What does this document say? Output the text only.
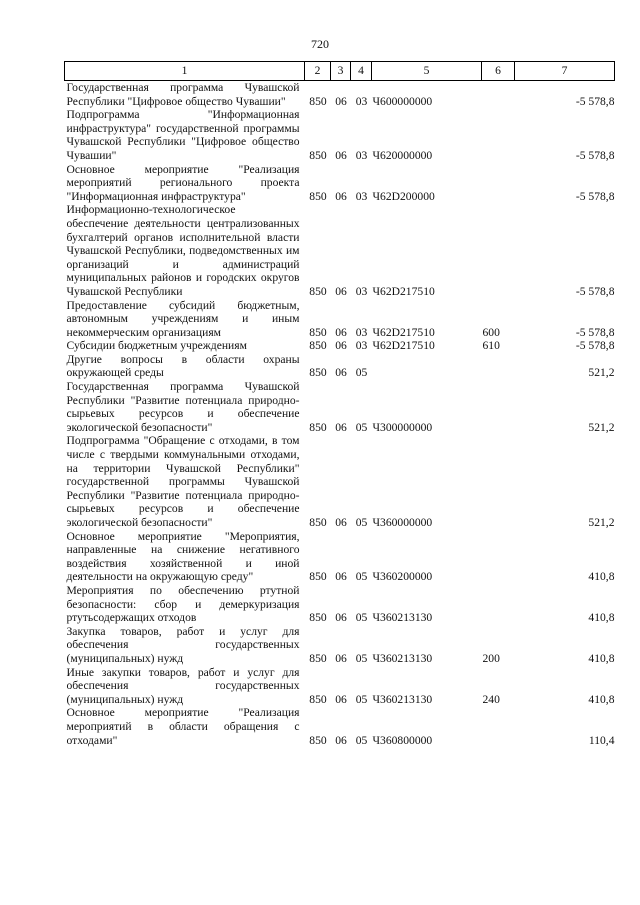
720
1	2	3	4	5	6	7
Государственная программа Чувашской Республики "Цифровое общество Чувашии"	850	06	03	Ч600000000		-5 578,8
Подпрограмма "Информационная инфраструктура" государственной программы Чувашской Республики "Цифровое общество Чувашии"	850	06	03	Ч620000000		-5 578,8
Основное мероприятие "Реализация мероприятий регионального проекта "Информационная инфраструктура"	850	06	03	Ч62D200000		-5 578,8
Информационно-технологическое обеспечение деятельности централизованных бухгалтерий органов исполнительной власти Чувашской Республики, подведомственных им организаций и администраций муниципальных районов и городских округов Чувашской Республики	850	06	03	Ч62D217510		-5 578,8
Предоставление субсидий бюджетным, автономным учреждениям и иным некоммерческим организациям	850	06	03	Ч62D217510	600	-5 578,8
Субсидии бюджетным учреждениям	850	06	03	Ч62D217510	610	-5 578,8
Другие вопросы в области охраны окружающей среды	850	06	05			521,2
Государственная программа Чувашской Республики "Развитие потенциала природно-сырьевых ресурсов и обеспечение экологической безопасности"	850	06	05	Ч300000000		521,2
Подпрограмма "Обращение с отходами, в том числе с твердыми коммунальными отходами, на территории Чувашской Республики" государственной программы Чувашской Республики "Развитие потенциала природно-сырьевых ресурсов и обеспечение экологической безопасности"	850	06	05	Ч360000000		521,2
Основное мероприятие "Мероприятия, направленные на снижение негативного воздействия хозяйственной и иной деятельности на окружающую среду"	850	06	05	Ч360200000		410,8
Мероприятия по обеспечению ртутной безопасности: сбор и демеркуризация ртутьсодержащих отходов	850	06	05	Ч360213130		410,8
Закупка товаров, работ и услуг для обеспечения государственных (муниципальных) нужд	850	06	05	Ч360213130	200	410,8
Иные закупки товаров, работ и услуг для обеспечения государственных (муниципальных) нужд	850	06	05	Ч360213130	240	410,8
Основное мероприятие "Реализация мероприятий в области обращения с отходами"	850	06	05	Ч360800000		110,4
